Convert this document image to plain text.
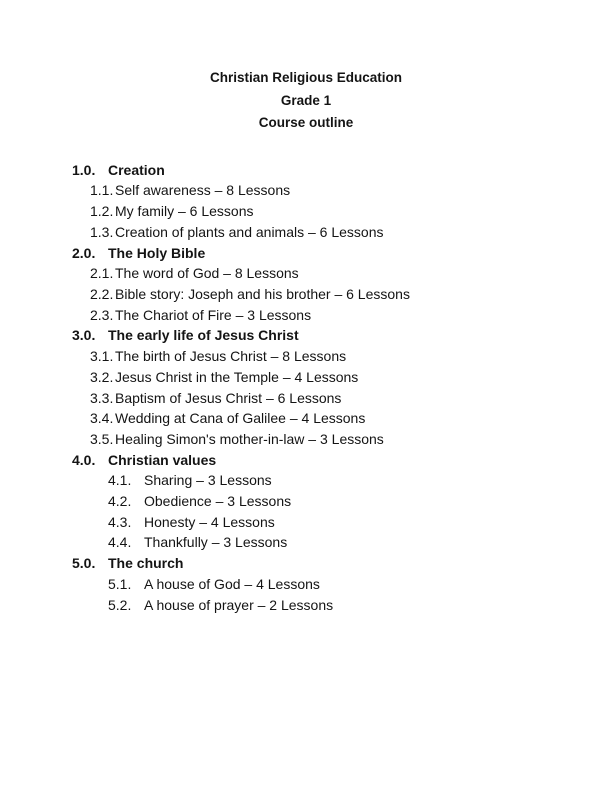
Christian Religious Education

Grade 1

Course outline

1.0. Creation
1.1. Self awareness – 8 Lessons
1.2. My family – 6 Lessons
1.3. Creation of plants and animals – 6 Lessons
2.0. The Holy Bible
2.1. The word of God – 8 Lessons
2.2. Bible story: Joseph and his brother – 6 Lessons
2.3. The Chariot of Fire – 3 Lessons
3.0. The early life of Jesus Christ
3.1. The birth of Jesus Christ – 8 Lessons
3.2. Jesus Christ in the Temple – 4 Lessons
3.3. Baptism of Jesus Christ – 6 Lessons
3.4. Wedding at Cana of Galilee – 4 Lessons
3.5. Healing Simon's mother-in-law – 3 Lessons
4.0. Christian values
4.1. Sharing – 3 Lessons
4.2. Obedience – 3 Lessons
4.3. Honesty – 4 Lessons
4.4. Thankfully – 3 Lessons
5.0. The church
5.1. A house of God – 4 Lessons
5.2. A house of prayer – 2 Lessons
